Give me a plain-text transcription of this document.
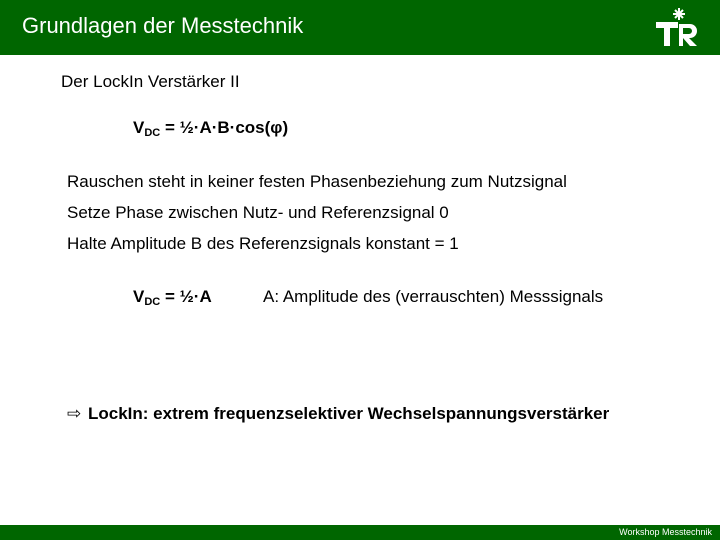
Grundlagen der Messtechnik
Der LockIn Verstärker II
$V_{DC}$ = ½·A·B·cos(φ)
Rauschen steht in keiner festen Phasenbeziehung zum Nutzsignal
Setze Phase zwischen Nutz- und Referenzsignal 0
Halte Amplitude B des Referenzsignals konstant = 1
$V_{DC}$ = ½·A	A: Amplitude des (verrauschten) Messsignals
⇨ LockIn: extrem frequenzselektiver Wechselspannungsverstärker
Workshop Messtechnik
